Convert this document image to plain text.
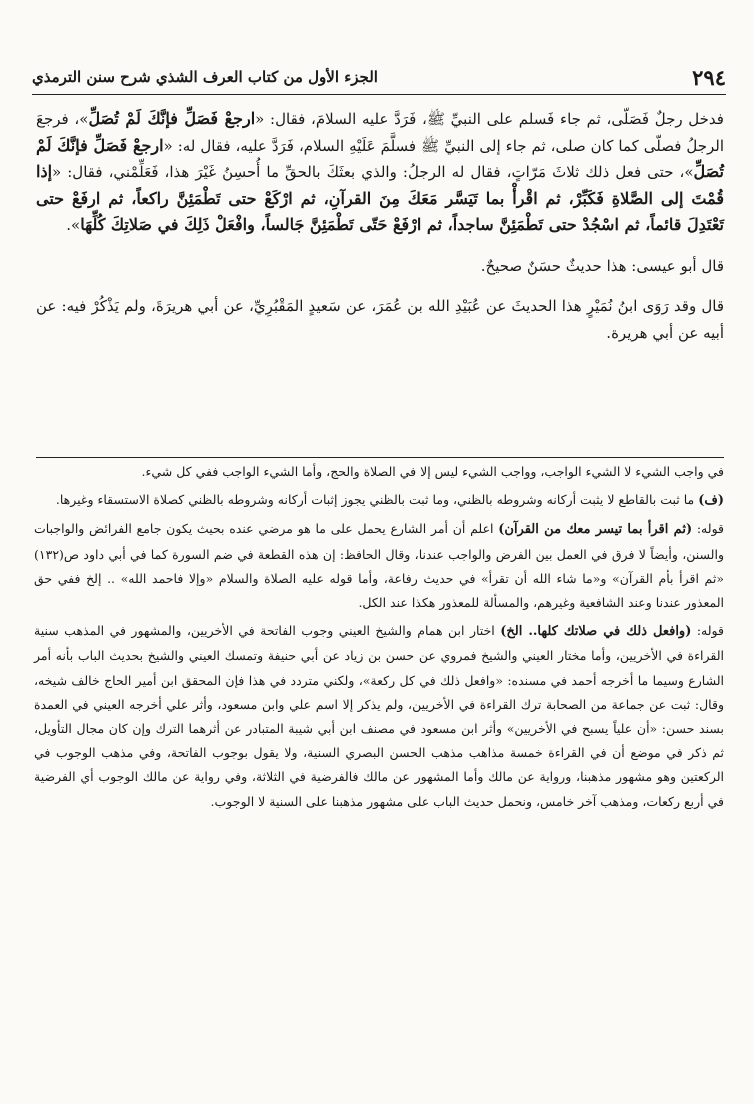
٢٩٤
الجزء الأول من كتاب العرف الشذي شرح سنن الترمذي

فدخل رجلٌ فَصَلّى، ثم جاء فَسلم على النبيِّ ﷺ، فَرَدَّ عليه السلامَ، فقال: «ارجعْ فَصَلِّ فإنَّكَ لَمْ تُصَلِّ»، فرجعَ الرجلُ فصلّى كما كان صلى، ثم جاء إلى النبيِّ ﷺ فسلَّمَ عَلَيْهِ السلام، فَرَدَّ عليه، فقال له: «ارجعْ فَصَلِّ فإنَّكَ لَمْ تُصَلِّ»، حتى فعل ذلك ثلاثَ مَرّاتٍ، فقال له الرجلُ: والذي بعثَكَ بالحقِّ ما أُحسِنُ غَيْرَ هذا، فَعَلِّمْني، فقال: «إذا قُمْتَ إلى الصَّلاةِ فَكَبِّرْ، ثم اقْرأْ بما تَيَسَّر مَعَكَ مِنَ القرآنِ، ثم ارْكَعْ حتى تَطْمَئِنَّ راكعاً، ثم ارفَعْ حتى تَعْتَدِلَ قائماً، ثم اسْجُدْ حتى تَطْمَئِنَّ ساجداً، ثم ارْفَعْ حَتّى تَطْمَئِنَّ جَالساً، وافْعَلْ ذَلِكَ في صَلاتِكَ كُلِّهَا».

قال أبو عيسى: هذا حديثٌ حسَنٌ صحيحٌ.

قال وقد رَوَى ابنُ نُمَيْرٍ هذا الحديثَ عن عُبَيْدِ الله بن عُمَرَ، عن سَعيدٍ المَقْبُرِيِّ، عن أبي هريرَةَ، ولم يَذْكُرْ فيه: عن أبيه عن أبي هريرة.

في واجب الشيء لا الشيء الواجب، وواجب الشيء ليس إلا في الصلاة والحج، وأما الشيء الواجب ففي كل شيء.

(ف) ما ثبت بالقاطع لا يثبت أركانه وشروطه بالظني، وما ثبت بالظني يجوز إثبات أركانه وشروطه بالظني كصلاة الاستسقاء وغيرها.

قوله: (ثم اقرأ بما تيسر معك من القرآن) اعلم أن أمر الشارع يحمل على ما هو مرضي عنده بحيث يكون جامع الفرائض والواجبات والسنن، وأيضاً لا فرق في العمل بين الفرض والواجب عندنا، وقال الحافظ: إن هذه القطعة في ضم السورة كما في أبي داود ص(١٣٢) «ثم اقرأ بأم القرآن» و«ما شاء الله أن تقرأ» في حديث رفاعة، وأما قوله عليه الصلاة والسلام «وإلا فاحمد الله» .. إلخ ففي حق المعذور عندنا وعند الشافعية وغيرهم، والمسألة للمعذور هكذا عند الكل.

قوله: (وافعل ذلك في صلاتك كلها.. الخ) اختار ابن همام والشيخ العيني وجوب الفاتحة في الأخريين، والمشهور في المذهب سنية القراءة في الأخريين، وأما مختار العيني والشيخ فمروي عن حسن بن زياد عن أبي حنيفة وتمسك العيني والشيخ بحديث الباب بأنه أمر الشارع وسيما ما أخرجه أحمد في مسنده: «وافعل ذلك في كل ركعة»، ولكني متردد في هذا فإن المحقق ابن أمير الحاج خالف شيخه، وقال: ثبت عن جماعة من الصحابة ترك القراءة في الأخريين، ولم يذكر إلا اسم علي وابن مسعود، وأثر علي أخرجه العيني في العمدة بسند حسن: «أن علياً يسبح في الأخريين» وأثر ابن مسعود في مصنف ابن أبي شيبة المتبادر عن أثرهما الترك وإن كان مجال التأويل، ثم ذكر في موضع أن في القراءة خمسة مذاهب مذهب الحسن البصري السنية، ولا يقول بوجوب الفاتحة، وفي مذهب الوجوب في الركعتين وهو مشهور مذهبنا، ورواية عن مالك وأما المشهور عن مالك فالفرضية في الثلاثة، وفي رواية عن مالك الوجوب أي الفرضية في أربع ركعات، ومذهب آخر خامس، ونحمل حديث الباب على مشهور مذهبنا على السنية لا الوجوب.
